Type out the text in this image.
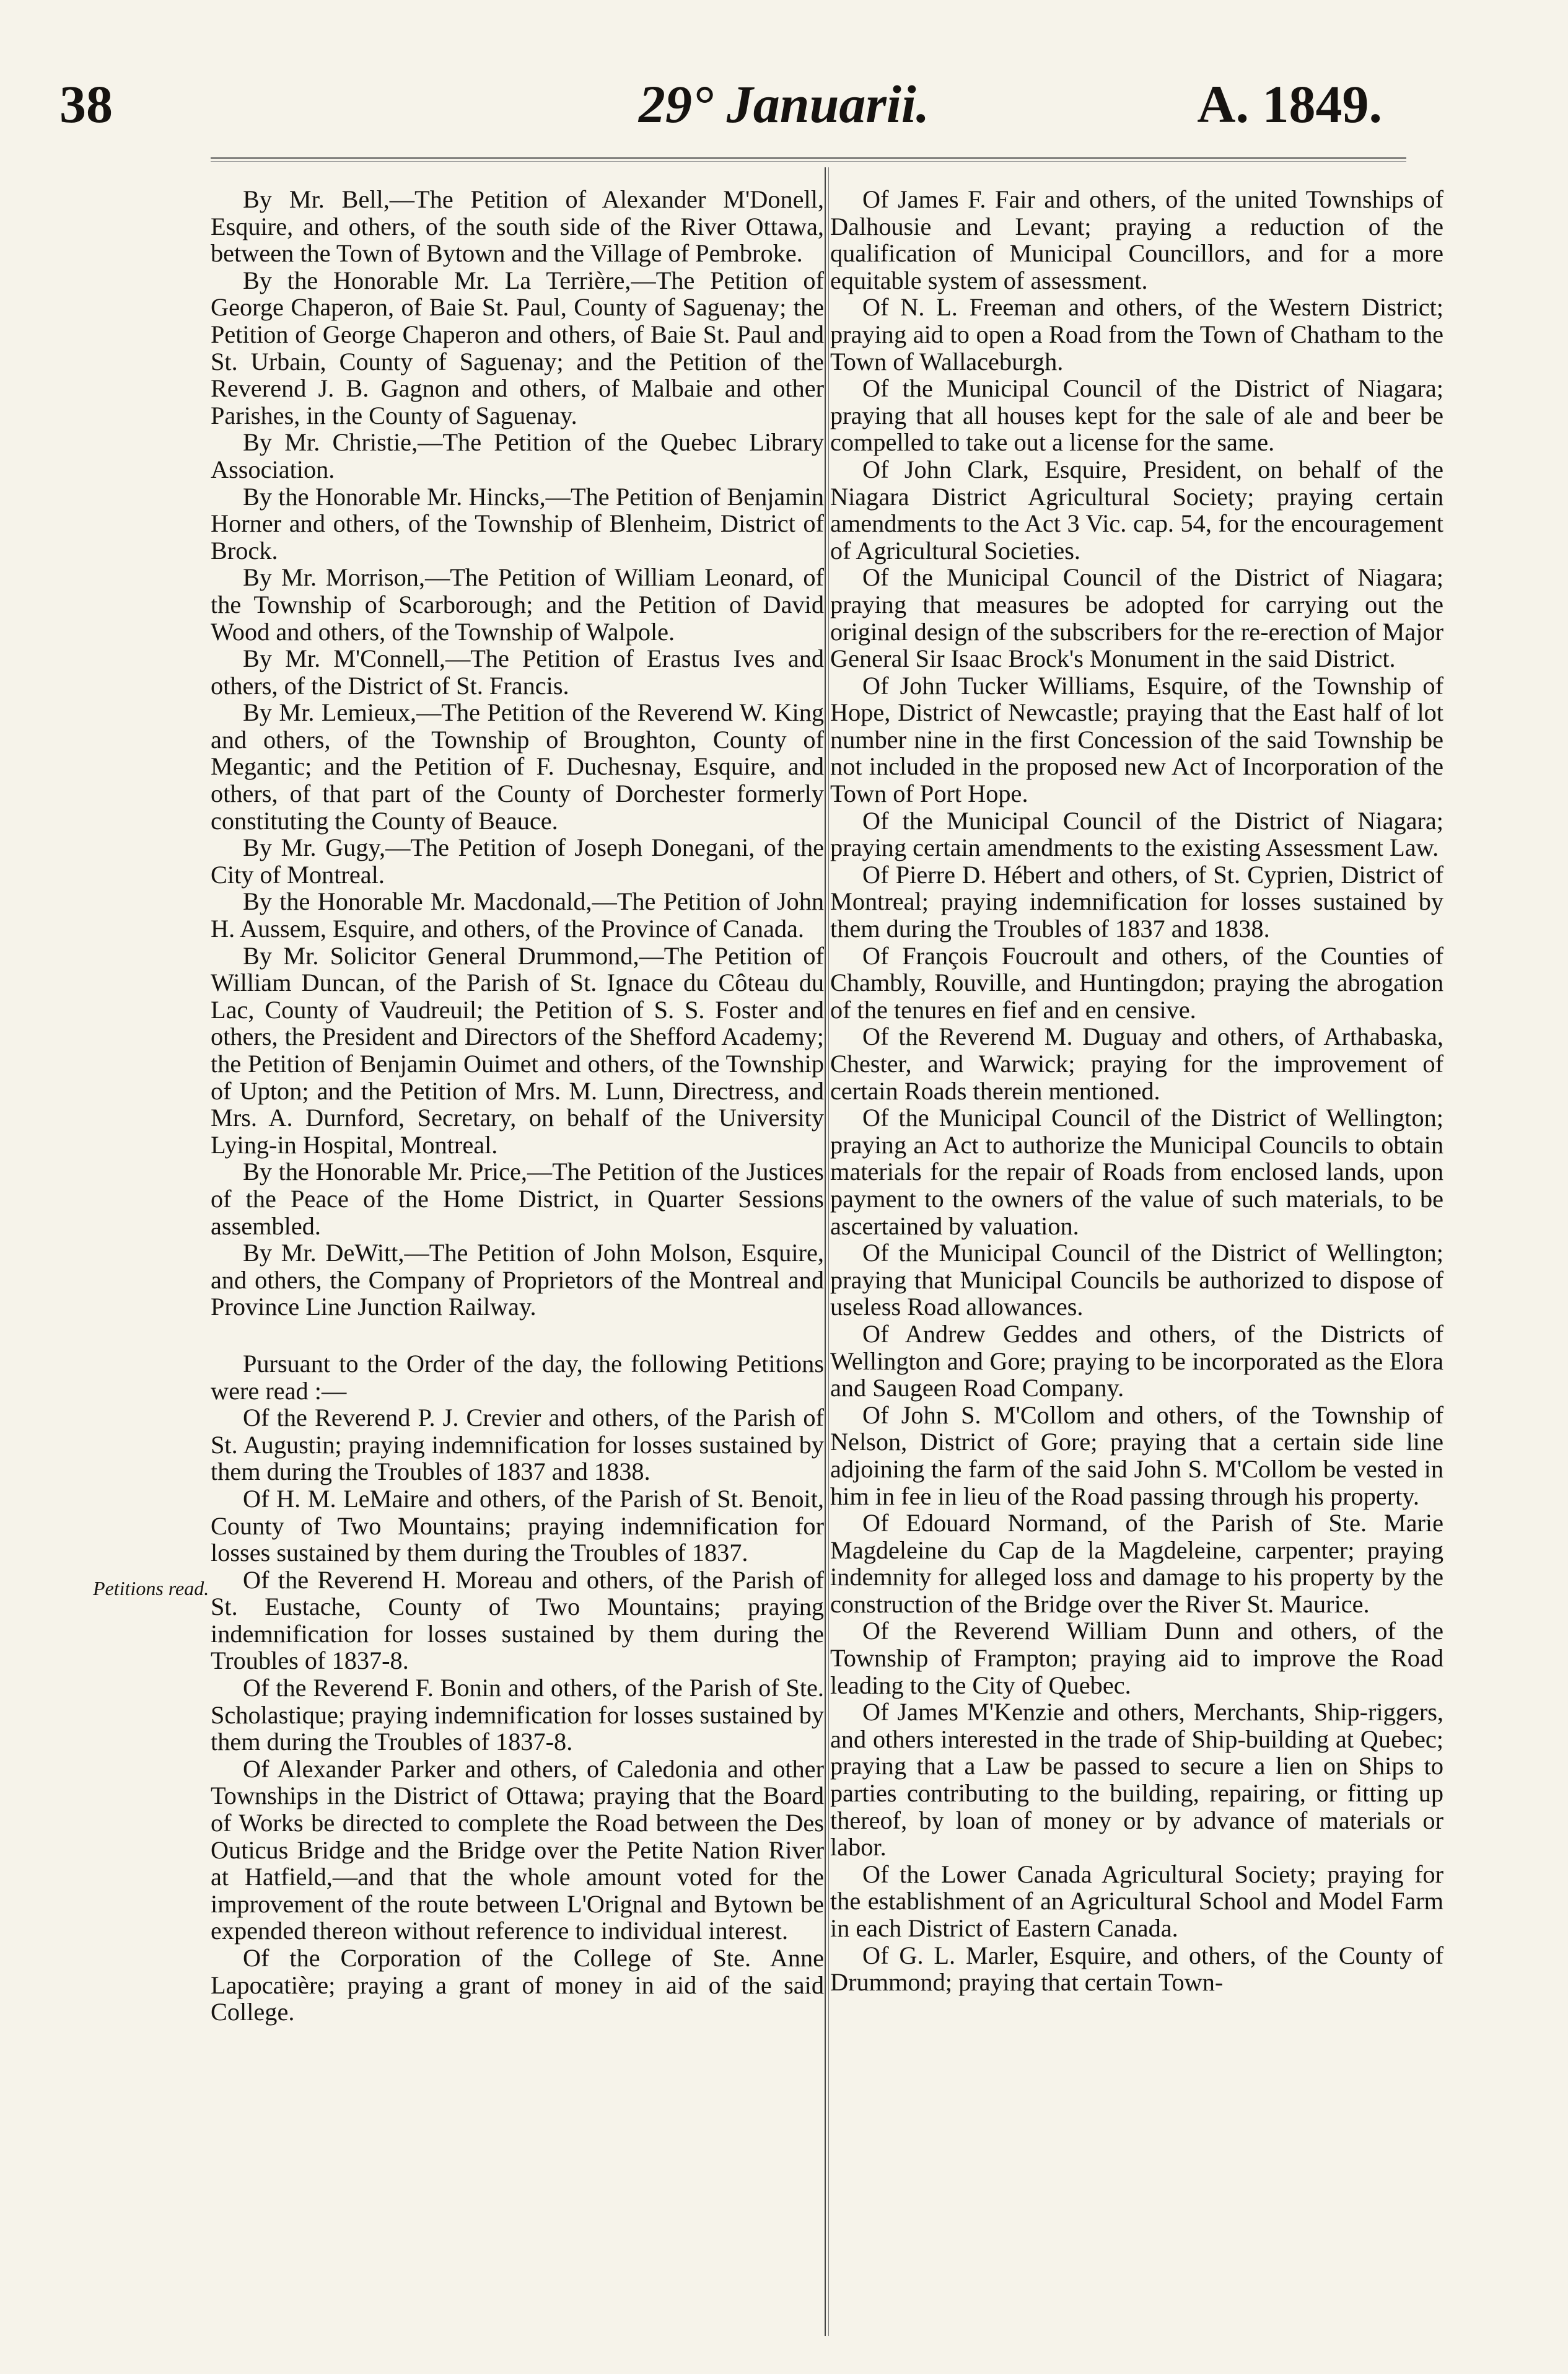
38	29° Januarii.	A. 1849.
Petitions read.

By Mr. Bell,—The Petition of Alexander M'Donell, Esquire, and others, of the south side of the River Ottawa, between the Town of Bytown and the Village of Pembroke.

By the Honorable Mr. La Terrière,—The Petition of George Chaperon, of Baie St. Paul, County of Saguenay; the Petition of George Chaperon and others, of Baie St. Paul and St. Urbain, County of Saguenay; and the Petition of the Reverend J. B. Gagnon and others, of Malbaie and other Parishes, in the County of Saguenay.

By Mr. Christie,—The Petition of the Quebec Library Association.

By the Honorable Mr. Hincks,—The Petition of Benjamin Horner and others, of the Township of Blenheim, District of Brock.

By Mr. Morrison,—The Petition of William Leonard, of the Township of Scarborough; and the Petition of David Wood and others, of the Township of Walpole.

By Mr. M'Connell,—The Petition of Erastus Ives and others, of the District of St. Francis.

By Mr. Lemieux,—The Petition of the Reverend W. King and others, of the Township of Broughton, County of Megantic; and the Petition of F. Duchesnay, Esquire, and others, of that part of the County of Dorchester formerly constituting the County of Beauce.

By Mr. Gugy,—The Petition of Joseph Donegani, of the City of Montreal.

By the Honorable Mr. Macdonald,—The Petition of John H. Aussem, Esquire, and others, of the Province of Canada.

By Mr. Solicitor General Drummond,—The Petition of William Duncan, of the Parish of St. Ignace du Côteau du Lac, County of Vaudreuil; the Petition of S. S. Foster and others, the President and Directors of the Shefford Academy; the Petition of Benjamin Ouimet and others, of the Township of Upton; and the Petition of Mrs. M. Lunn, Directress, and Mrs. A. Durnford, Secretary, on behalf of the University Lying-in Hospital, Montreal.

By the Honorable Mr. Price,—The Petition of the Justices of the Peace of the Home District, in Quarter Sessions assembled.

By Mr. DeWitt,—The Petition of John Molson, Esquire, and others, the Company of Proprietors of the Montreal and Province Line Junction Railway.

Pursuant to the Order of the day, the following Petitions were read :—

Of the Reverend P. J. Crevier and others, of the Parish of St. Augustin; praying indemnification for losses sustained by them during the Troubles of 1837 and 1838.

Of H. M. LeMaire and others, of the Parish of St. Benoit, County of Two Mountains; praying indemnification for losses sustained by them during the Troubles of 1837.

Of the Reverend H. Moreau and others, of the Parish of St. Eustache, County of Two Mountains; praying indemnification for losses sustained by them during the Troubles of 1837-8.

Of the Reverend F. Bonin and others, of the Parish of Ste. Scholastique; praying indemnification for losses sustained by them during the Troubles of 1837-8.

Of Alexander Parker and others, of Caledonia and other Townships in the District of Ottawa; praying that the Board of Works be directed to complete the Road between the Des Outicus Bridge and the Bridge over the Petite Nation River at Hatfield,—and that the whole amount voted for the improvement of the route between L'Orignal and Bytown be expended thereon without reference to individual interest.

Of the Corporation of the College of Ste. Anne Lapocatière; praying a grant of money in aid of the said College.

Of James F. Fair and others, of the united Townships of Dalhousie and Levant; praying a reduction of the qualification of Municipal Councillors, and for a more equitable system of assessment.

Of N. L. Freeman and others, of the Western District; praying aid to open a Road from the Town of Chatham to the Town of Wallaceburgh.

Of the Municipal Council of the District of Niagara; praying that all houses kept for the sale of ale and beer be compelled to take out a license for the same.

Of John Clark, Esquire, President, on behalf of the Niagara District Agricultural Society; praying certain amendments to the Act 3 Vic. cap. 54, for the encouragement of Agricultural Societies.

Of the Municipal Council of the District of Niagara; praying that measures be adopted for carrying out the original design of the subscribers for the re-erection of Major General Sir Isaac Brock's Monument in the said District.

Of John Tucker Williams, Esquire, of the Township of Hope, District of Newcastle; praying that the East half of lot number nine in the first Concession of the said Township be not included in the proposed new Act of Incorporation of the Town of Port Hope.

Of the Municipal Council of the District of Niagara; praying certain amendments to the existing Assessment Law.

Of Pierre D. Hébert and others, of St. Cyprien, District of Montreal; praying indemnification for losses sustained by them during the Troubles of 1837 and 1838.

Of François Foucroult and others, of the Counties of Chambly, Rouville, and Huntingdon; praying the abrogation of the tenures en fief and en censive.

Of the Reverend M. Duguay and others, of Arthabaska, Chester, and Warwick; praying for the improvement of certain Roads therein mentioned.

Of the Municipal Council of the District of Wellington; praying an Act to authorize the Municipal Councils to obtain materials for the repair of Roads from enclosed lands, upon payment to the owners of the value of such materials, to be ascertained by valuation.

Of the Municipal Council of the District of Wellington; praying that Municipal Councils be authorized to dispose of useless Road allowances.

Of Andrew Geddes and others, of the Districts of Wellington and Gore; praying to be incorporated as the Elora and Saugeen Road Company.

Of John S. M'Collom and others, of the Township of Nelson, District of Gore; praying that a certain side line adjoining the farm of the said John S. M'Collom be vested in him in fee in lieu of the Road passing through his property.

Of Edouard Normand, of the Parish of Ste. Marie Magdeleine du Cap de la Magdeleine, carpenter; praying indemnity for alleged loss and damage to his property by the construction of the Bridge over the River St. Maurice.

Of the Reverend William Dunn and others, of the Township of Frampton; praying aid to improve the Road leading to the City of Quebec.

Of James M'Kenzie and others, Merchants, Ship-riggers, and others interested in the trade of Ship-building at Quebec; praying that a Law be passed to secure a lien on Ships to parties contributing to the building, repairing, or fitting up thereof, by loan of money or by advance of materials or labor.

Of the Lower Canada Agricultural Society; praying for the establishment of an Agricultural School and Model Farm in each District of Eastern Canada.

Of G. L. Marler, Esquire, and others, of the County of Drummond; praying that certain Town-
